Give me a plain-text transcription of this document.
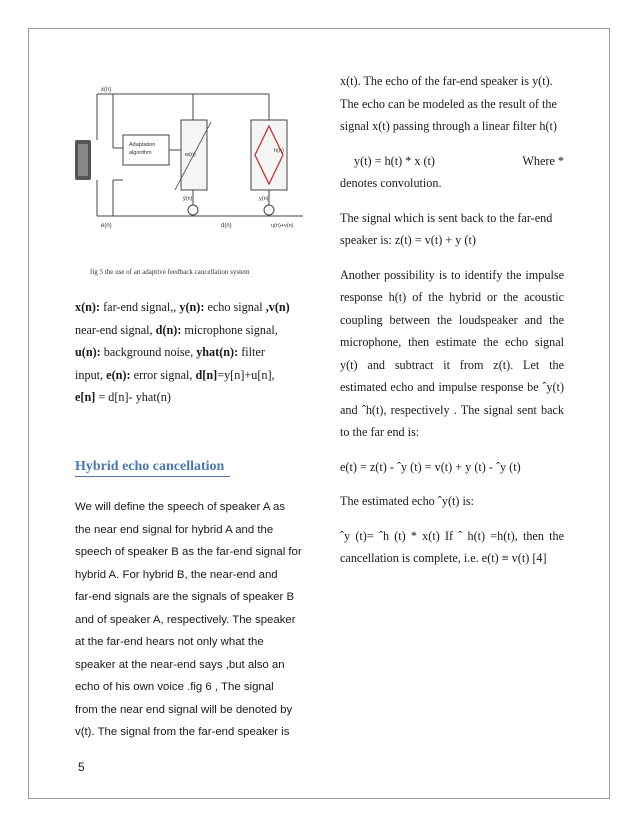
x(n)
Adaptation
algorithm	w(n)
h(n)
ŷ(n)	y(n)
e(n)	d(n)	u(n)+v(n)
fig 5 the use of an adaptive feedback cancellation system

x(n): far-end signal,, y(n): echo signal ,v(n)

near-end signal, d(n): microphone signal,

u(n): background noise, yhat(n): filter

input, e(n): error signal, d[n]=y[n]+u[n],

e[n] = d[n]- yhat(n)

Hybrid echo cancellation

We will define the speech of speaker A as

the near end signal for hybrid A and the

speech of speaker B as the far-end signal for

hybrid A. For hybrid B, the near-end and

far-end signals are the signals of speaker B

and of speaker A, respectively. The speaker

at the far-end hears not only what the

speaker at the near-end says ,but also an

echo of his own voice .fig 6 , The signal

from the near end signal will be denoted by

v(t). The signal from the far-end speaker is

x(t). The echo of the far-end speaker is y(t).

The echo can be modeled as the result of the

signal x(t) passing through a linear filter h(t)

y(t) = h(t) * x (t)	Where *

denotes convolution.

The signal which is sent back to the far-end

speaker is: z(t) = v(t) + y (t)

Another possibility is to identify the impulse response h(t) of the hybrid or the acoustic coupling between the loudspeaker and the microphone, then estimate the echo signal y(t) and subtract it from z(t). Let the estimated echo and impulse response be ˆy(t) and ˆh(t), respectively . The signal sent back to the far end is:

e(t) = z(t) - ˆy (t) = v(t) + y (t) - ˆy (t)

The estimated echo ˆy(t) is:

ˆy (t)= ˆh (t) * x(t) If ˆ h(t) =h(t), then the cancellation is complete, i.e. e(t) ≡ v(t) [4]

5
